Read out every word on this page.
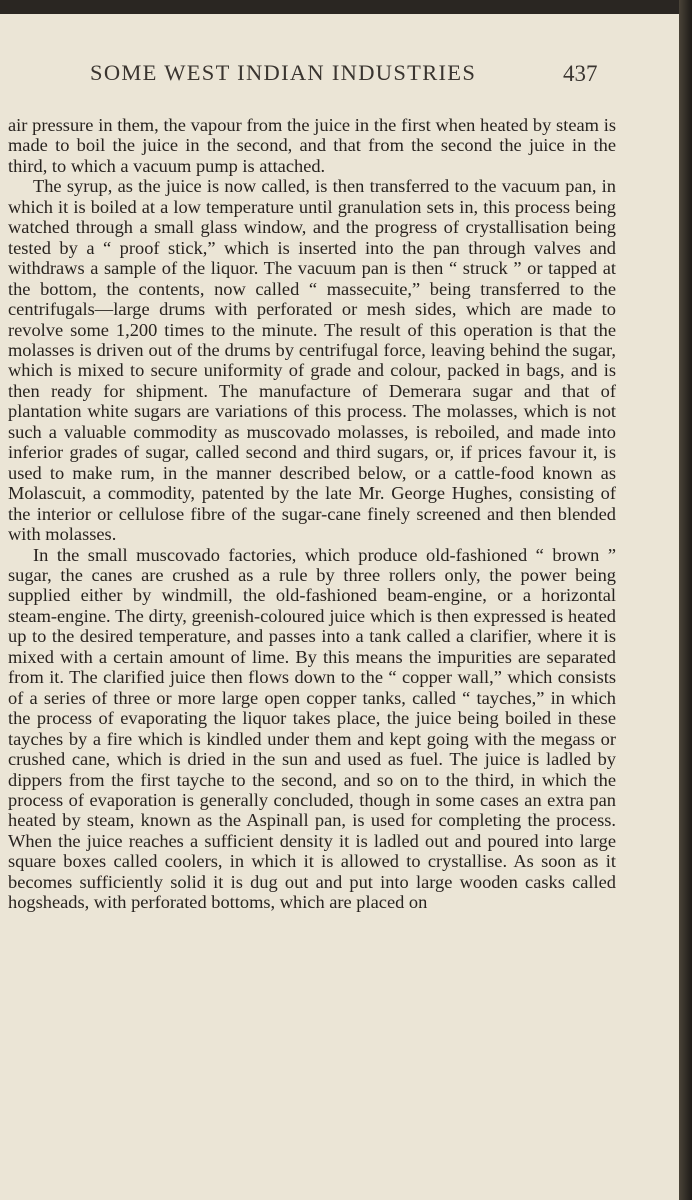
SOME WEST INDIAN INDUSTRIES	437

air pressure in them, the vapour from the juice in the first when heated by steam is made to boil the juice in the second, and that from the second the juice in the third, to which a vacuum pump is attached.

The syrup, as the juice is now called, is then transferred to the vacuum pan, in which it is boiled at a low temperature until granulation sets in, this process being watched through a small glass window, and the progress of crystallisation being tested by a “ proof stick,” which is inserted into the pan through valves and withdraws a sample of the liquor. The vacuum pan is then “ struck ” or tapped at the bottom, the contents, now called “ massecuite,” being transferred to the centrifugals—large drums with perforated or mesh sides, which are made to revolve some 1,200 times to the minute. The result of this operation is that the molasses is driven out of the drums by centrifugal force, leaving behind the sugar, which is mixed to secure uniformity of grade and colour, packed in bags, and is then ready for shipment. The manufacture of Demerara sugar and that of plantation white sugars are variations of this process. The molasses, which is not such a valuable commodity as muscovado molasses, is reboiled, and made into inferior grades of sugar, called second and third sugars, or, if prices favour it, is used to make rum, in the manner described below, or a cattle-food known as Molascuit, a commodity, patented by the late Mr. George Hughes, consisting of the interior or cellulose fibre of the sugar-cane finely screened and then blended with molasses.

In the small muscovado factories, which produce old-fashioned “ brown ” sugar, the canes are crushed as a rule by three rollers only, the power being supplied either by windmill, the old-fashioned beam-engine, or a horizontal steam-engine. The dirty, greenish-coloured juice which is then expressed is heated up to the desired temperature, and passes into a tank called a clarifier, where it is mixed with a certain amount of lime. By this means the impurities are separated from it. The clarified juice then flows down to the “ copper wall,” which consists of a series of three or more large open copper tanks, called “ tayches,” in which the process of evaporating the liquor takes place, the juice being boiled in these tayches by a fire which is kindled under them and kept going with the megass or crushed cane, which is dried in the sun and used as fuel. The juice is ladled by dippers from the first tayche to the second, and so on to the third, in which the process of evaporation is generally concluded, though in some cases an extra pan heated by steam, known as the Aspinall pan, is used for completing the process. When the juice reaches a sufficient density it is ladled out and poured into large square boxes called coolers, in which it is allowed to crystallise. As soon as it becomes sufficiently solid it is dug out and put into large wooden casks called hogsheads, with perforated bottoms, which are placed on
